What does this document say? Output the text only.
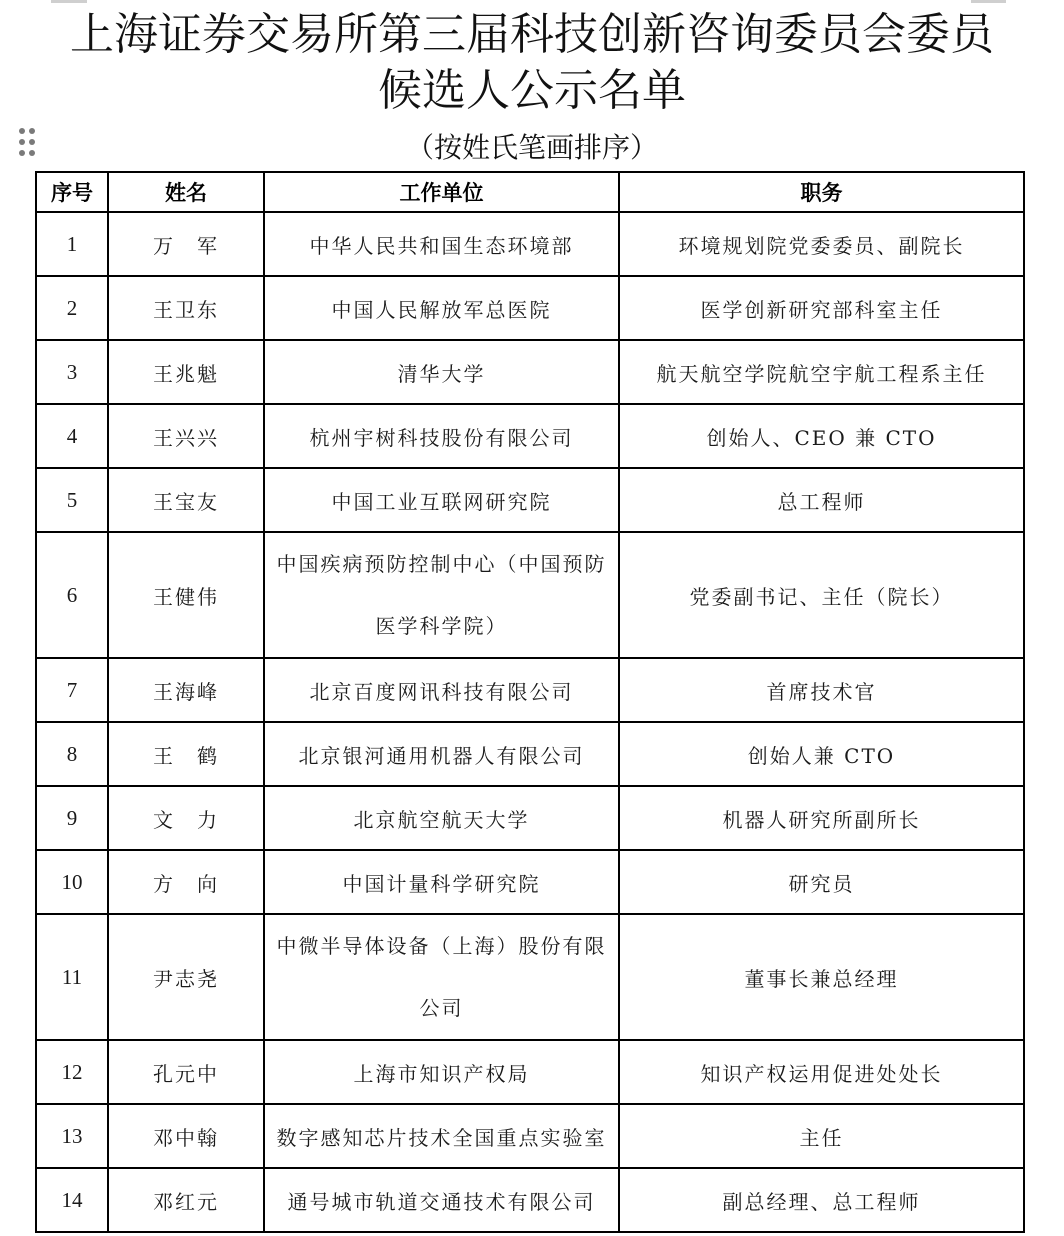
上海证券交易所第三届科技创新咨询委员会委员
候选人公示名单
（按姓氏笔画排序）
序号	姓名	工作单位	职务
1	万　军	中华人民共和国生态环境部	环境规划院党委委员、副院长
2	王卫东	中国人民解放军总医院	医学创新研究部科室主任
3	王兆魁	清华大学	航天航空学院航空宇航工程系主任
4	王兴兴	杭州宇树科技股份有限公司	创始人、CEO 兼 CTO
5	王宝友	中国工业互联网研究院	总工程师
6	王健伟	中国疾病预防控制中心（中国预防医学科学院）	党委副书记、主任（院长）
7	王海峰	北京百度网讯科技有限公司	首席技术官
8	王　鹤	北京银河通用机器人有限公司	创始人兼 CTO
9	文　力	北京航空航天大学	机器人研究所副所长
10	方　向	中国计量科学研究院	研究员
11	尹志尧	中微半导体设备（上海）股份有限公司	董事长兼总经理
12	孔元中	上海市知识产权局	知识产权运用促进处处长
13	邓中翰	数字感知芯片技术全国重点实验室	主任
14	邓红元	通号城市轨道交通技术有限公司	副总经理、总工程师
